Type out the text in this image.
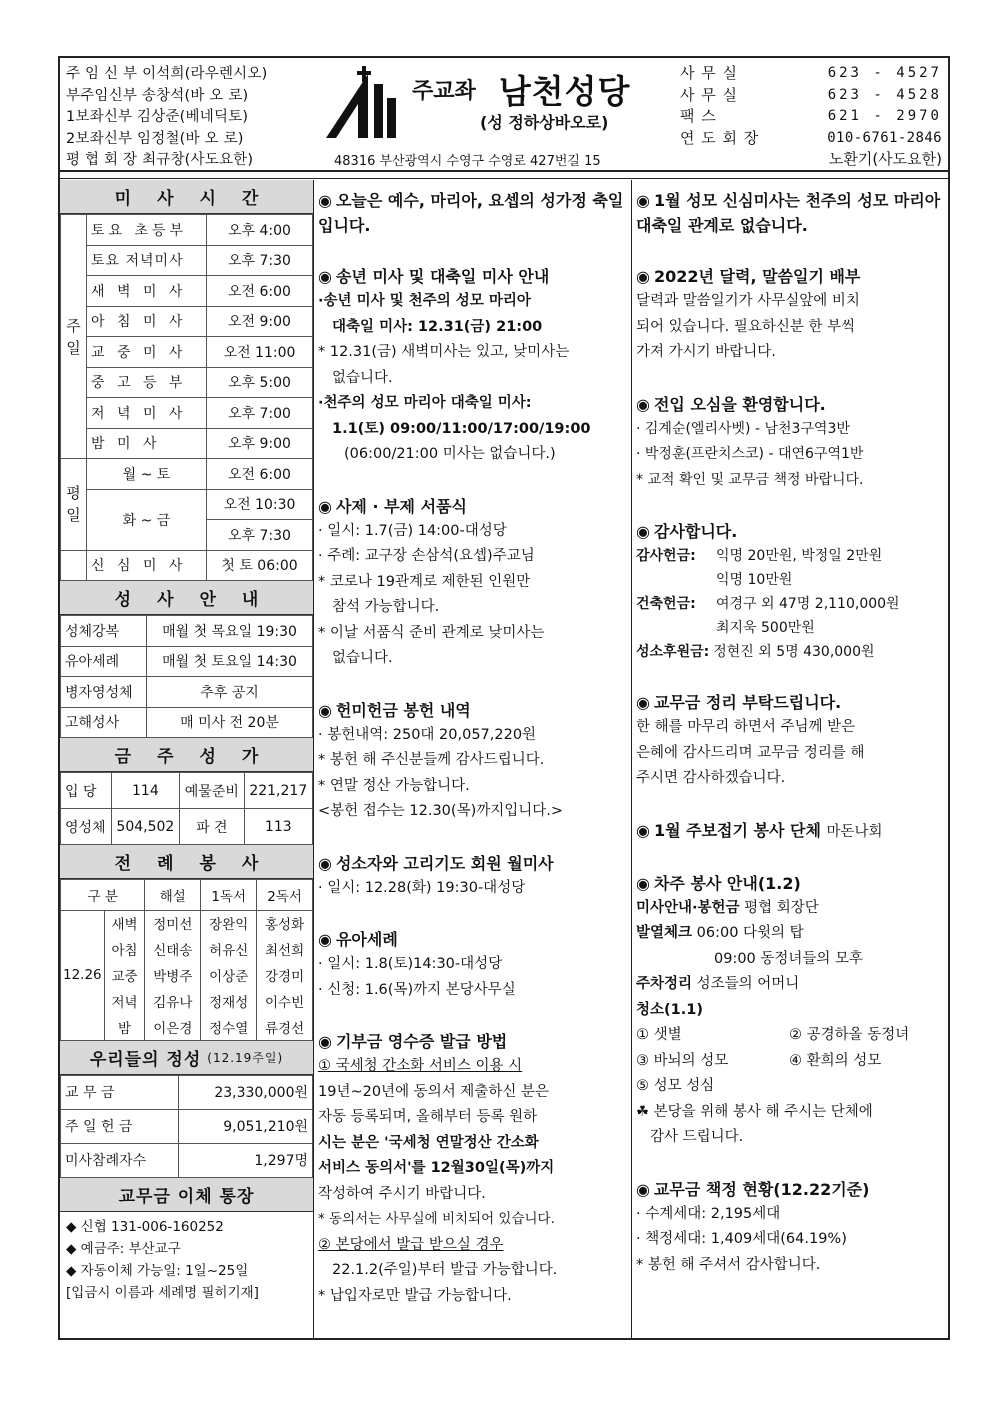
주 임 신 부 이석희(라우렌시오)
부주임신부 송창석(바 오 로)
1보좌신부 김상준(베네딕토)
2보좌신부 임정철(바 오 로)
평 협 회 장 최규창(사도요한)
주교좌 남천성당
(성 정하상바오로)
48316 부산광역시 수영구 수영로 427번길 15
사 무 실	623 - 4527
사 무 실	623 - 4528
팩 스	621 - 2970
연 도 회 장	010-6761-2846
노환기(사도요한)
미사시간
주일	토요 초등부	오후 4:00
	토요 저녁미사	오후 7:30
	새 벽 미 사	오전 6:00
	아 침 미 사	오전 9:00
	교 중 미 사	오전 11:00
	중 고 등 부	오후 5:00
	저 녁 미 사	오후 7:00
	밤 미 사	오후 9:00
평일	월 ~ 토	오전 6:00
	화 ~ 금	오전 10:30
		오후 7:30
	신 심 미 사	첫 토 06:00
성사안내
성체강복	매월 첫 목요일 19:30
유아세례	매월 첫 토요일 14:30
병자영성체	추후 공지
고해성사	매 미사 전 20분
금주성가
입 당	114	예물준비	221,217
영성체	504,502	파 견	113
전례봉사
구 분		해설	1독서	2독서
12.26	새벽	정미선	장완익	홍성화
	아침	신태송	허유신	최선희
	교중	박병주	이상준	강경미
	저녁	김유나	정재성	이수빈
	밤	이은경	정수열	류경선
우리들의 정성 (12.19주일)
교 무 금	23,330,000원
주 일 헌 금	9,051,210원
미사참례자수	1,297명
교무금 이체 통장
◆ 신협 131-006-160252
◆ 예금주: 부산교구
◆ 자동이체 가능일: 1일~25일
[입금시 이름과 세례명 필히기재]
◉ 오늘은 예수, 마리아, 요셉의 성가정 축일입니다.
◉ 송년 미사 및 대축일 미사 안내
·송년 미사 및 천주의 성모 마리아
대축일 미사: 12.31(금) 21:00
* 12.31(금) 새벽미사는 있고, 낮미사는
없습니다.
·천주의 성모 마리아 대축일 미사:
1.1(토) 09:00/11:00/17:00/19:00
(06:00/21:00 미사는 없습니다.)
◉ 사제 · 부제 서품식
· 일시: 1.7(금) 14:00-대성당
· 주례: 교구장 손삼석(요셉)주교님
* 코로나 19관계로 제한된 인원만
참석 가능합니다.
* 이날 서품식 준비 관계로 낮미사는
없습니다.
◉ 헌미헌금 봉헌 내역
· 봉헌내역: 250대 20,057,220원
* 봉헌 해 주신분들께 감사드립니다.
* 연말 정산 가능합니다.
<봉헌 접수는 12.30(목)까지입니다.>
◉ 성소자와 고리기도 회원 월미사
· 일시: 12.28(화) 19:30-대성당
◉ 유아세례
· 일시: 1.8(토)14:30-대성당
· 신청: 1.6(목)까지 본당사무실
◉ 기부금 영수증 발급 방법
① 국세청 간소화 서비스 이용 시
19년~20년에 동의서 제출하신 분은
자동 등록되며, 올해부터 등록 원하
시는 분은 '국세청 연말정산 간소화
서비스 동의서'를 12월30일(목)까지
작성하여 주시기 바랍니다.
* 동의서는 사무실에 비치되어 있습니다.
② 본당에서 발급 받으실 경우
22.1.2(주일)부터 발급 가능합니다.
* 납입자로만 발급 가능합니다.
◉ 1월 성모 신심미사는 천주의 성모 마리아 대축일 관계로 없습니다.
◉ 2022년 달력, 말씀일기 배부
달력과 말씀일기가 사무실앞에 비치
되어 있습니다. 필요하신분 한 부씩
가져 가시기 바랍니다.
◉ 전입 오심을 환영합니다.
· 김계순(엘리사벳) - 남천3구역3반
· 박정훈(프란치스코) - 대연6구역1반
* 교적 확인 및 교무금 책정 바랍니다.
◉ 감사합니다.
감사헌금:	익명 20만원, 박정일 2만원
익명 10만원
건축헌금:	여경구 외 47명 2,110,000원
최지욱 500만원
성소후원금: 정현진 외 5명 430,000원
◉ 교무금 정리 부탁드립니다.
한 해를 마무리 하면서 주님께 받은
은혜에 감사드리며 교무금 정리를 해
주시면 감사하겠습니다.
◉ 1월 주보접기 봉사 단체 마돈나회
◉ 차주 봉사 안내(1.2)
미사안내·봉헌금 평협 회장단
발열체크 06:00 다윗의 탑
09:00 동정녀들의 모후
주차정리 성조들의 어머니
청소(1.1)
① 샛별	② 공경하올 동정녀
③ 바뇌의 성모	④ 환희의 성모
⑤ 성모 성심
☘ 본당을 위해 봉사 해 주시는 단체에
감사 드립니다.
◉ 교무금 책정 현황(12.22기준)
· 수계세대: 2,195세대
· 책정세대: 1,409세대(64.19%)
* 봉헌 해 주셔서 감사합니다.
